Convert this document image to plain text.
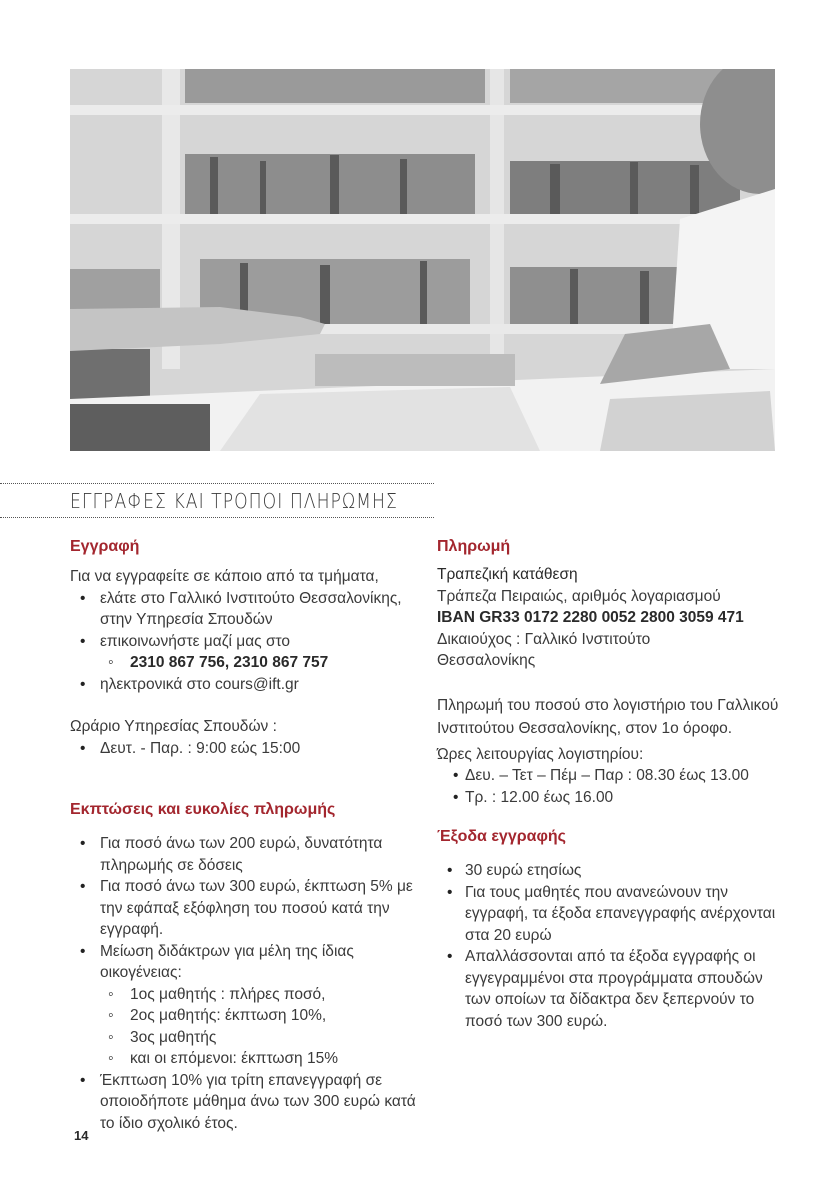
ΕΓΓΡΑΦΕΣ ΚΑΙ ΤΡΟΠΟΙ ΠΛΗΡΩΜΗΣ
Εγγραφή

Για να εγγραφείτε σε κάποιο από τα τμήματα,

• ελάτε στο Γαλλικό Ινστιτούτο Θεσσαλονίκης, στην Υπηρεσία Σπουδών
• επικοινωνήστε μαζί μας στο
◦ 2310 867 756, 2310 867 757
• ηλεκτρονικά στο cours@ift.gr

Ωράριο Υπηρεσίας Σπουδών :

• Δευτ. - Παρ. : 9:00 εώς 15:00
Εκπτώσεις και ευκολίες πληρωμής
• Για ποσό άνω των 200 ευρώ, δυνατότητα πληρωμής σε δόσεις
• Για ποσό άνω των 300 ευρώ, έκπτωση 5% με την εφάπαξ εξόφληση του ποσού κατά την εγγραφή.
• Μείωση διδάκτρων για μέλη της ίδιας οικογένειας:
◦ 1ος μαθητής : πλήρες ποσό,
◦ 2ος μαθητής: έκπτωση 10%,
◦ 3ος μαθητής
◦ και οι επόμενοι: έκπτωση 15%
• Έκπτωση 10% για τρίτη επανεγγραφή σε οποιοδήποτε μάθημα άνω των 300 ευρώ κατά το ίδιο σχολικό έτος.
Πληρωμή

Τραπεζική κατάθεση

Τράπεζα Πειραιώς, αριθμός λογαριασμού

IBAN GR33 0172 2280 0052 2800 3059 471

Δικαιούχος : Γαλλικό Ινστιτούτο Θεσσαλονίκης

Πληρωμή του ποσού στο λογιστήριο του Γαλλικού Ινστιτούτου Θεσσαλονίκης, στον 1ο όροφο.

Ώρες λειτουργίας λογιστηρίου:

• Δευ. – Τετ – Πέμ – Παρ : 08.30 έως 13.00
• Τρ. : 12.00 έως 16.00
Έξοδα εγγραφής
• 30 ευρώ ετησίως
• Για τους μαθητές που ανανεώνουν την εγγραφή, τα έξοδα επανεγγραφής ανέρχονται στα 20 ευρώ
• Απαλλάσσονται από τα έξοδα εγγραφής οι εγγεγραμμένοι στα προγράμματα σπουδών των οποίων τα δίδακτρα δεν ξεπερνούν το ποσό των 300 ευρώ.
14
